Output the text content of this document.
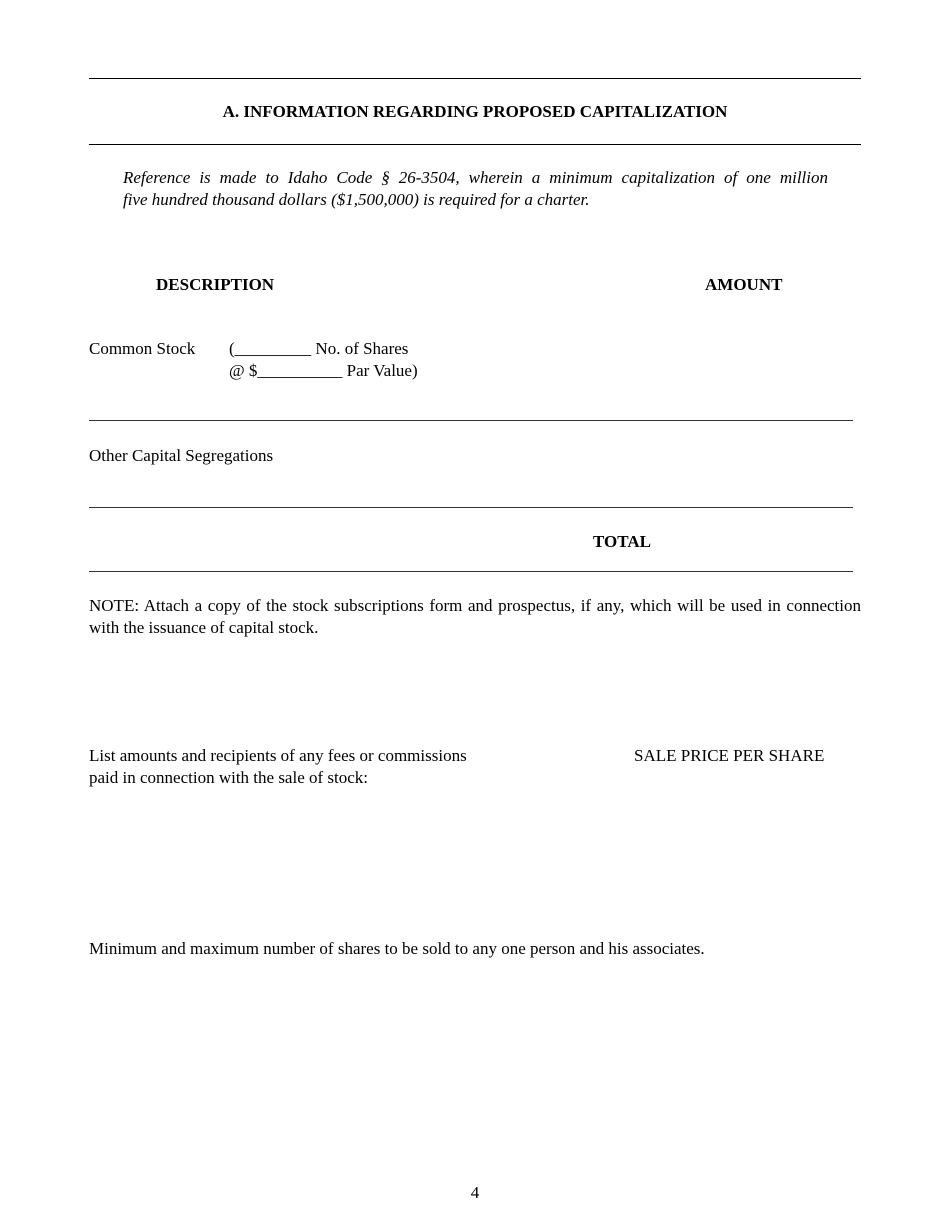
A. INFORMATION REGARDING PROPOSED CAPITALIZATION
Reference is made to Idaho Code § 26-3504, wherein a minimum capitalization of one million
five hundred thousand dollars ($1,500,000) is required for a charter.
DESCRIPTION	AMOUNT
Common Stock (_________ No. of Shares
@ $__________ Par Value)
Other Capital Segregations
TOTAL
NOTE: Attach a copy of the stock subscriptions form and prospectus, if any, which will be used in connection with the issuance of capital stock.
List amounts and recipients of any fees or commissions
paid in connection with the sale of stock:
SALE PRICE PER SHARE
Minimum and maximum number of shares to be sold to any one person and his associates.
4
